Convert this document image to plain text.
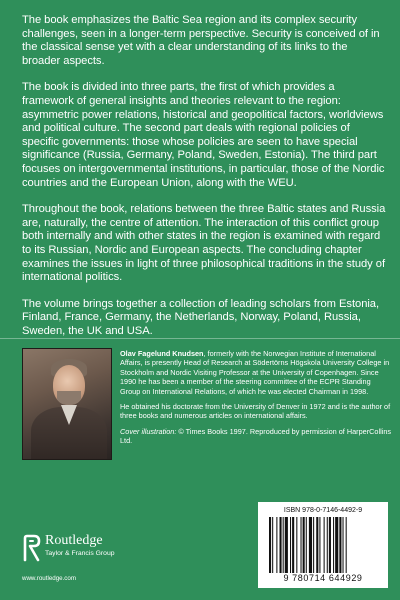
The book emphasizes the Baltic Sea region and its complex security challenges, seen in a longer-term perspective. Security is conceived of in the classical sense yet with a clear understanding of its links to the broader aspects.

The book is divided into three parts, the first of which provides a framework of general insights and theories relevant to the region: asymmetric power relations, historical and geopolitical factors, worldviews and political culture. The second part deals with regional policies of specific governments: those whose policies are seen to have special significance (Russia, Germany, Poland, Sweden, Estonia). The third part focuses on intergovernmental institutions, in particular, those of the Nordic countries and the European Union, along with the WEU.

Throughout the book, relations between the three Baltic states and Russia are, naturally, the centre of attention. The interaction of this conflict group both internally and with other states in the region is examined with regard to its Russian, Nordic and European aspects. The concluding chapter examines the issues in light of three philosophical traditions in the study of international politics.

The volume brings together a collection of leading scholars from Estonia, Finland, France, Germany, the Netherlands, Norway, Poland, Russia, Sweden, the UK and USA.

Olav Fagelund Knudsen, formerly with the Norwegian Institute of International Affairs, is presently Head of Research at Södertörns Högskola University College in Stockholm and Nordic Visiting Professor at the University of Copenhagen. Since 1990 he has been a member of the steering committee of the ECPR Standing Group on International Relations, of which he was elected Chairman in 1998.

He obtained his doctorate from the University of Denver in 1972 and is the author of three books and numerous articles on international affairs.

Cover illustration: © Times Books 1997. Reproduced by permission of HarperCollins Ltd.

Routledge
Taylor & Francis Group
www.routledge.com
ISBN 978-0-7146-4492-9
9 780714 644929
